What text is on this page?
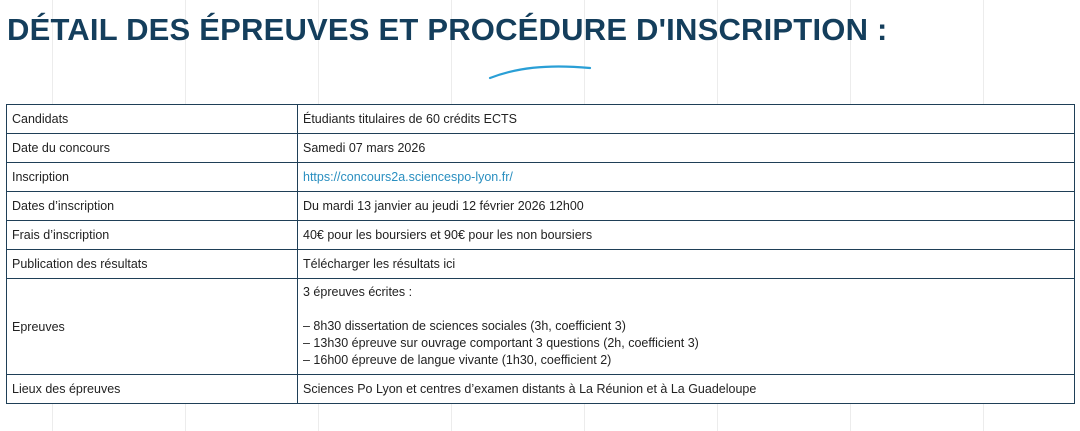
DÉTAIL DES ÉPREUVES ET PROCÉDURE D'INSCRIPTION :
Candidats	Étudiants titulaires de 60 crédits ECTS
Date du concours	Samedi 07 mars 2026
Inscription	https://concours2a.sciencespo-lyon.fr/
Dates d’inscription	Du mardi 13 janvier au jeudi 12 février 2026 12h00
Frais d’inscription	40€ pour les boursiers et 90€ pour les non boursiers
Publication des résultats	Télécharger les résultats ici
Epreuves	3 épreuves écrites :
– 8h30 dissertation de sciences sociales (3h, coefficient 3)
– 13h30 épreuve sur ouvrage comportant 3 questions (2h, coefficient 3)
– 16h00 épreuve de langue vivante (1h30, coefficient 2)

Lieux des épreuves	Sciences Po Lyon et centres d’examen distants à La Réunion et à La Guadeloupe
